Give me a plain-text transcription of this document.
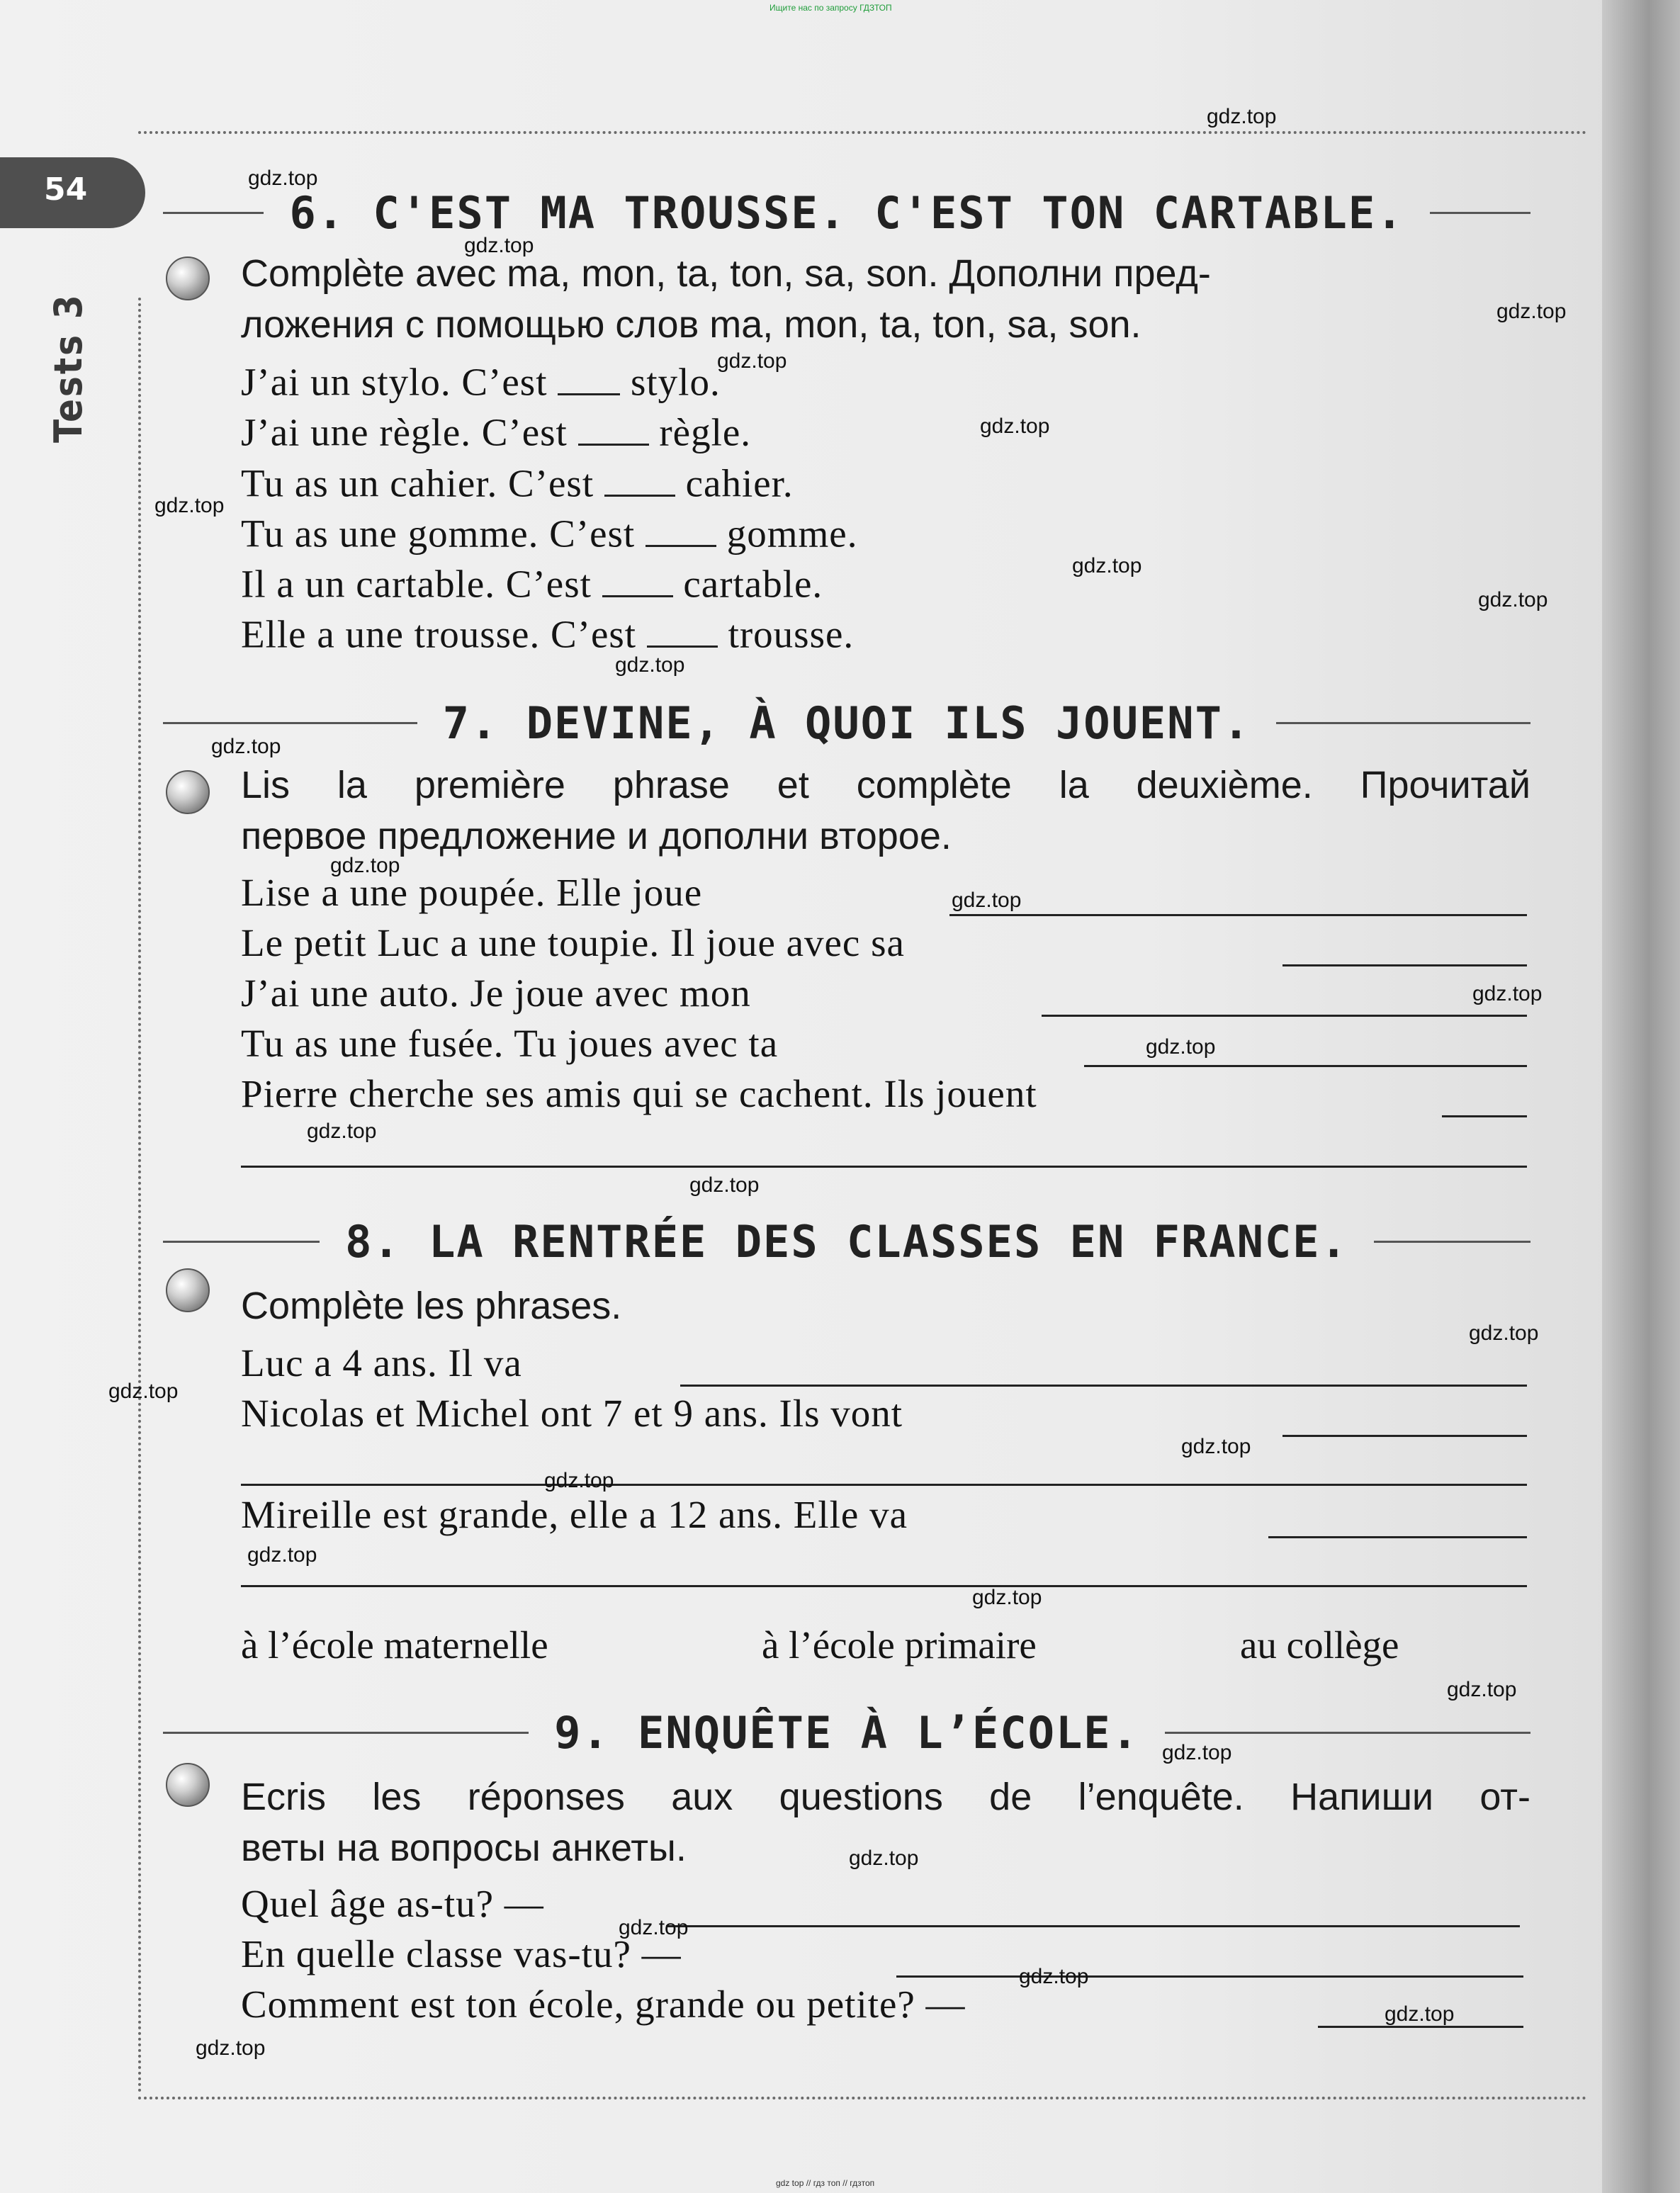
Ищите нас по запросу ГДЗТОП
gdz top // гдз топ // гдзтоп
54
Tests 3
6. C'EST MA TROUSSE. C'EST TON CARTABLE.

Complète avec ma, mon, ta, ton, sa, son. Дополни пред-

ложения с помощью слов ma, mon, ta, ton, sa, son.

J’ai un stylo. C’est stylo.
J’ai une règle. C’est règle.
Tu as un cahier. C’est cahier.
Tu as une gomme. C’est gomme.
Il a un cartable. C’est cartable.
Elle a une trousse. C’est trousse.
7. DEVINE, À QUOI ILS JOUENT.

Lis la première phrase et complète la deuxième. Прочитай

первое предложение и дополни второе.

Lise a une poupée. Elle joue
Le petit Luc a une toupie. Il joue avec sa
J’ai une auto. Je joue avec mon
Tu as une fusée. Tu joues avec ta
Pierre cherche ses amis qui se cachent. Ils jouent
8. LA RENTRÉE DES CLASSES EN FRANCE.

Complète les phrases.

Luc a 4 ans. Il va
Nicolas et Michel ont 7 et 9 ans. Ils vont
Mireille est grande, elle a 12 ans. Elle va
à l’école maternelle	à l’école primaire	au collège
9. ENQUÊTE À L’ÉCOLE.

Ecris les réponses aux questions de l’enquête. Напиши от-

веты на вопросы анкеты.

Quel âge as-tu? —
En quelle classe vas-tu? —
Comment est ton école, grande ou petite? —
gdz.top
gdz.top
gdz.top
gdz.top
gdz.top
gdz.top
gdz.top
gdz.top
gdz.top
gdz.top
gdz.top
gdz.top
gdz.top
gdz.top
gdz.top
gdz.top
gdz.top
gdz.top
gdz.top
gdz.top
gdz.top
gdz.top
gdz.top
gdz.top
gdz.top
gdz.top
gdz.top
gdz.top
gdz.top
gdz.top
